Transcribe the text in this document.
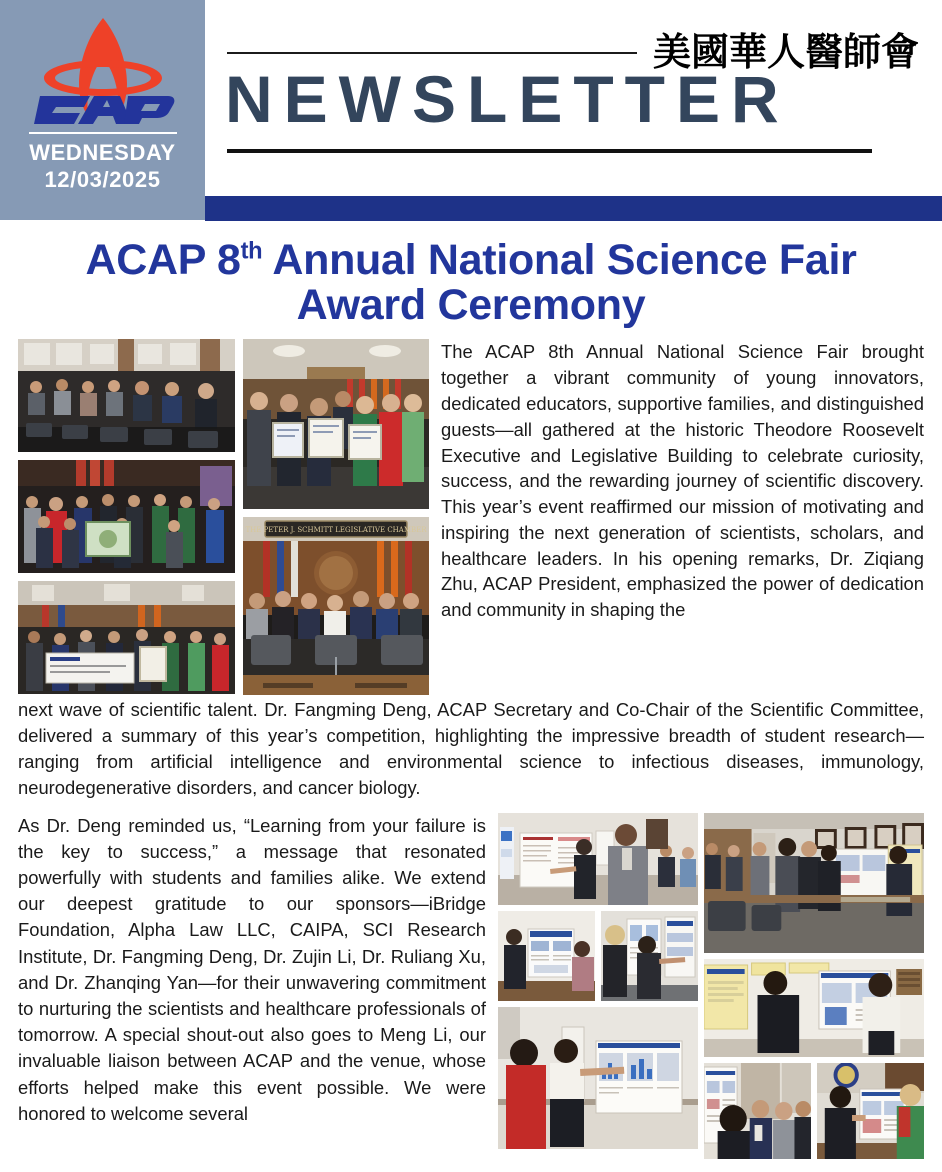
WEDNESDAY
12/03/2025
美國華人醫師會
NEWSLETTER
ACAP 8th Annual National Science Fair Award Ceremony
THE PETER J. SCHMITT LEGISLATIVE CHAMBER

The ACAP 8th Annual National Science Fair brought together a vibrant community of young innovators, dedicated educators, supportive families, and distinguished guests—all gathered at the historic Theodore Roosevelt Executive and Legislative Building to celebrate curiosity, success, and the rewarding journey of scientific discovery. This year’s event reaffirmed our mission of motivating and inspiring the next generation of scientists, scholars, and healthcare leaders. In his opening remarks, Dr. Ziqiang Zhu, ACAP President, emphasized the power of dedication and community in shaping the

next wave of scientific talent. Dr. Fangming Deng, ACAP Secretary and Co-Chair of the Scientific Committee, delivered a summary of this year’s competition, highlighting the impressive breadth of student research—ranging from artificial intelligence and environmental science to infectious diseases, immunology, neurodegenerative disorders, and cancer biology.
As Dr. Deng reminded us, “Learning from your failure is the key to success,” a message that resonated powerfully with students and families alike. We extend our deepest gratitude to our sponsors—iBridge Foundation, Alpha Law LLC, CAIPA, SCI Research Institute, Dr. Fangming Deng, Dr. Zujin Li, Dr. Ruliang Xu, and Dr. Zhanqing Yan—for their unwavering commitment to nurturing the scientists and healthcare professionals of tomorrow. A special shout-out also goes to Meng Li, our invaluable liaison between ACAP and the venue, whose efforts helped make this event possible. We were honored to welcome several
